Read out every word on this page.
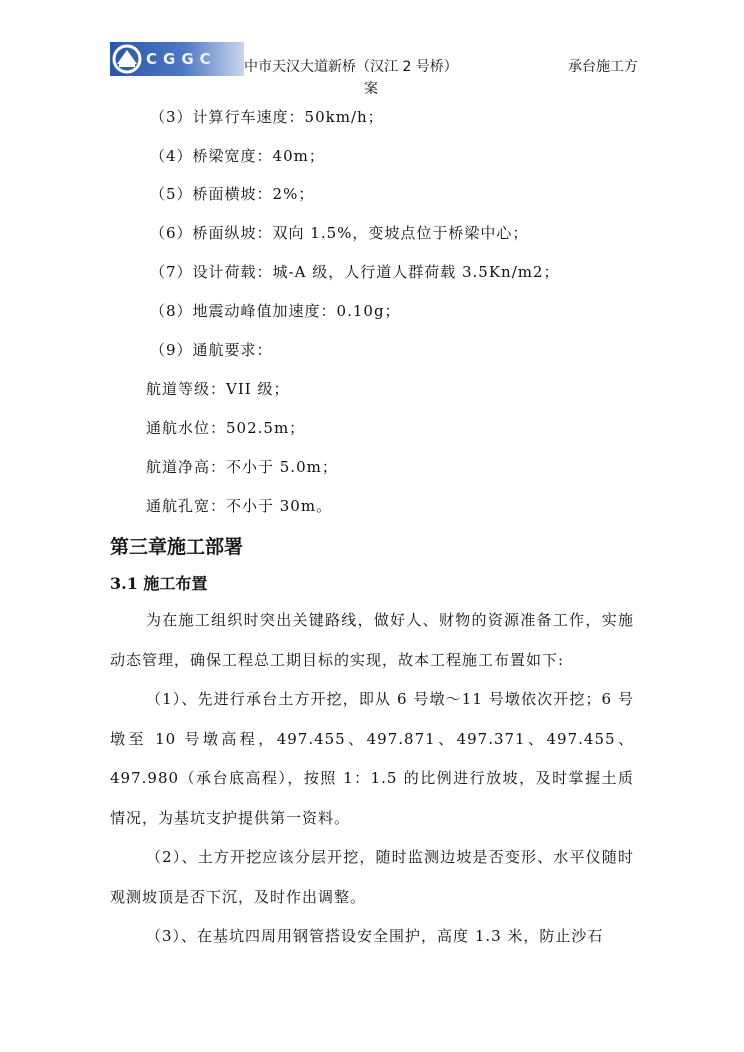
CGGC 中市天汉大道新桥（汉江 2 号桥）	承台施工方
案
（3）计算行车速度：50km/h；
（4）桥梁宽度：40m；
（5）桥面横坡：2%；
（6）桥面纵坡：双向 1.5%，变坡点位于桥梁中心；
（7）设计荷载：城-A 级，人行道人群荷载 3.5Kn/m2；
（8）地震动峰值加速度：0.10g；
（9）通航要求：
航道等级：VII 级；
通航水位：502.5m；
航道净高：不小于 5.0m；
通航孔宽：不小于 30m。
第三章施工部署
3.1 施工布置
为在施工组织时突出关键路线，做好人、财物的资源准备工作，实施动态管理，确保工程总工期目标的实现，故本工程施工布置如下:
（1）、先进行承台土方开挖，即从 6 号墩～11 号墩依次开挖；6 号墩至 10 号墩高程，497.455、497.871、497.371、497.455、497.980（承台底高程），按照 1：1.5 的比例进行放坡，及时掌握土质情况，为基坑支护提供第一资料。
（2）、土方开挖应该分层开挖，随时监测边坡是否变形、水平仪随时观测坡顶是否下沉，及时作出调整。
（3）、在基坑四周用钢管搭设安全围护，高度 1.3 米，防止沙石
